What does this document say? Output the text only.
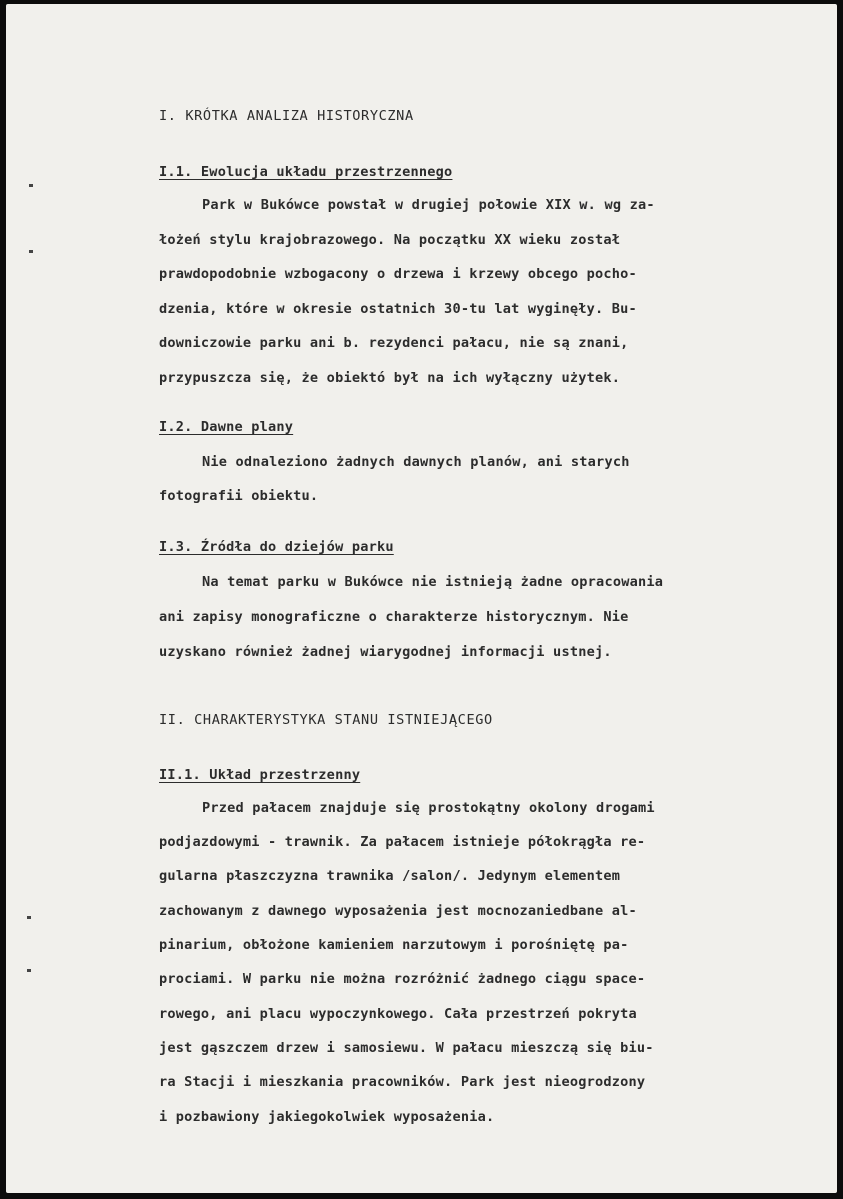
I. KRÓTKA ANALIZA HISTORYCZNA
I.1. Ewolucja układu przestrzennego
Park w Bukówce powstał w drugiej połowie XIX w. wg za-
łożeń stylu krajobrazowego. Na początku XX wieku został
prawdopodobnie wzbogacony o drzewa i krzewy obcego pocho-
dzenia, które w okresie ostatnich 30-tu lat wyginęły. Bu-
downiczowie parku ani b. rezydenci pałacu, nie są znani,
przypuszcza się, że obiektó był na ich wyłączny użytek.
I.2. Dawne plany
Nie odnaleziono żadnych dawnych planów, ani starych
fotografii obiektu.
I.3. Źródła do dziejów parku
Na temat parku w Bukówce nie istnieją żadne opracowania
ani zapisy monograficzne o charakterze historycznym. Nie
uzyskano również żadnej wiarygodnej informacji ustnej.
II. CHARAKTERYSTYKA STANU ISTNIEJĄCEGO
II.1. Układ przestrzenny
Przed pałacem znajduje się prostokątny okolony drogami
podjazdowymi - trawnik. Za pałacem istnieje półokrągła re-
gularna płaszczyzna trawnika /salon/. Jedynym elementem
zachowanym z dawnego wyposażenia jest mocnozaniedbane al-
pinarium, obłożone kamieniem narzutowym i porośniętę pa-
prociami. W parku nie można rozróżnić żadnego ciągu space-
rowego, ani placu wypoczynkowego. Cała przestrzeń pokryta
jest gąszczem drzew i samosiewu. W pałacu mieszczą się biu-
ra Stacji i mieszkania pracowników. Park jest nieogrodzony
i pozbawiony jakiegokolwiek wyposażenia.
